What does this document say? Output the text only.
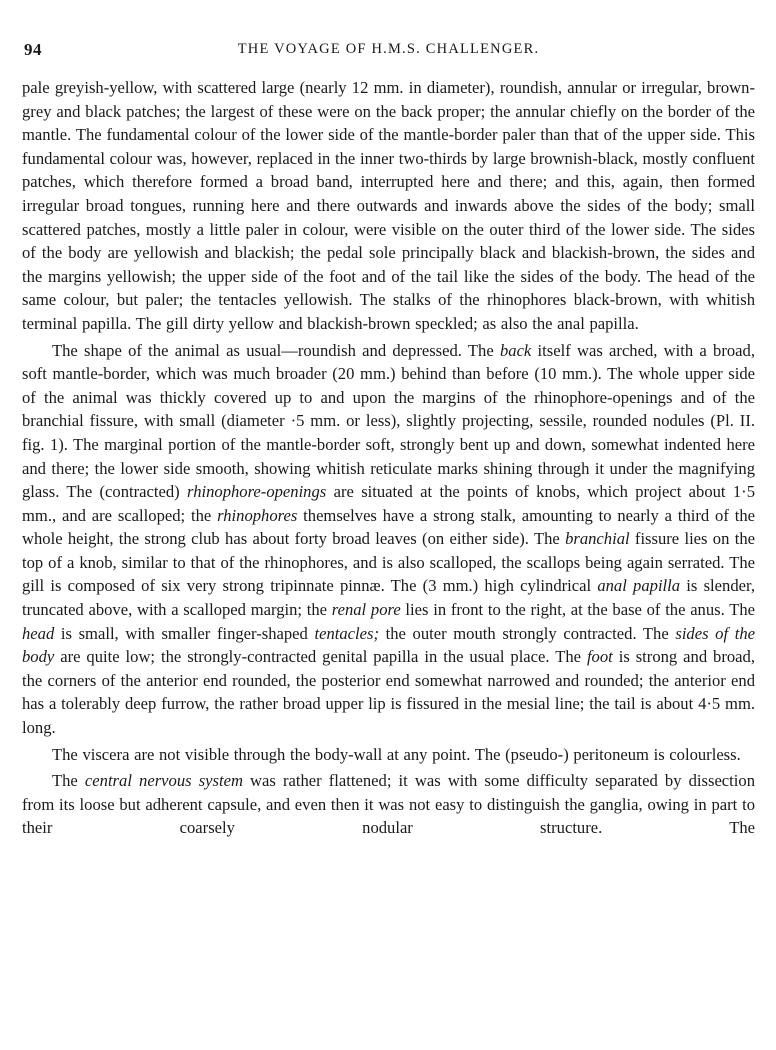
94	THE VOYAGE OF H.M.S. CHALLENGER.

pale greyish-yellow, with scattered large (nearly 12 mm. in diameter), roundish, annular or irregular, brown-grey and black patches; the largest of these were on the back proper; the annular chiefly on the border of the mantle. The fundamental colour of the lower side of the mantle-border paler than that of the upper side. This fundamental colour was, however, replaced in the inner two-thirds by large brownish-black, mostly confluent patches, which therefore formed a broad band, interrupted here and there; and this, again, then formed irregular broad tongues, running here and there outwards and inwards above the sides of the body; small scattered patches, mostly a little paler in colour, were visible on the outer third of the lower side. The sides of the body are yellowish and blackish; the pedal sole principally black and blackish-brown, the sides and the margins yellowish; the upper side of the foot and of the tail like the sides of the body. The head of the same colour, but paler; the tentacles yellowish. The stalks of the rhinophores black-brown, with whitish terminal papilla. The gill dirty yellow and blackish-brown speckled; as also the anal papilla.

The shape of the animal as usual—roundish and depressed. The back itself was arched, with a broad, soft mantle-border, which was much broader (20 mm.) behind than before (10 mm.). The whole upper side of the animal was thickly covered up to and upon the margins of the rhinophore-openings and of the branchial fissure, with small (diameter ·5 mm. or less), slightly projecting, sessile, rounded nodules (Pl. II. fig. 1). The marginal portion of the mantle-border soft, strongly bent up and down, somewhat indented here and there; the lower side smooth, showing whitish reticulate marks shining through it under the magnifying glass. The (contracted) rhinophore-openings are situated at the points of knobs, which project about 1·5 mm., and are scalloped; the rhinophores themselves have a strong stalk, amounting to nearly a third of the whole height, the strong club has about forty broad leaves (on either side). The branchial fissure lies on the top of a knob, similar to that of the rhinophores, and is also scalloped, the scallops being again serrated. The gill is composed of six very strong tripinnate pinnæ. The (3 mm.) high cylindrical anal papilla is slender, truncated above, with a scalloped margin; the renal pore lies in front to the right, at the base of the anus. The head is small, with smaller finger-shaped tentacles; the outer mouth strongly contracted. The sides of the body are quite low; the strongly-contracted genital papilla in the usual place. The foot is strong and broad, the corners of the anterior end rounded, the posterior end somewhat narrowed and rounded; the anterior end has a tolerably deep furrow, the rather broad upper lip is fissured in the mesial line; the tail is about 4·5 mm. long.

The viscera are not visible through the body-wall at any point. The (pseudo-) peritoneum is colourless.

The central nervous system was rather flattened; it was with some difficulty separated by dissection from its loose but adherent capsule, and even then it was not easy to distinguish the ganglia, owing in part to their coarsely nodular structure. The
